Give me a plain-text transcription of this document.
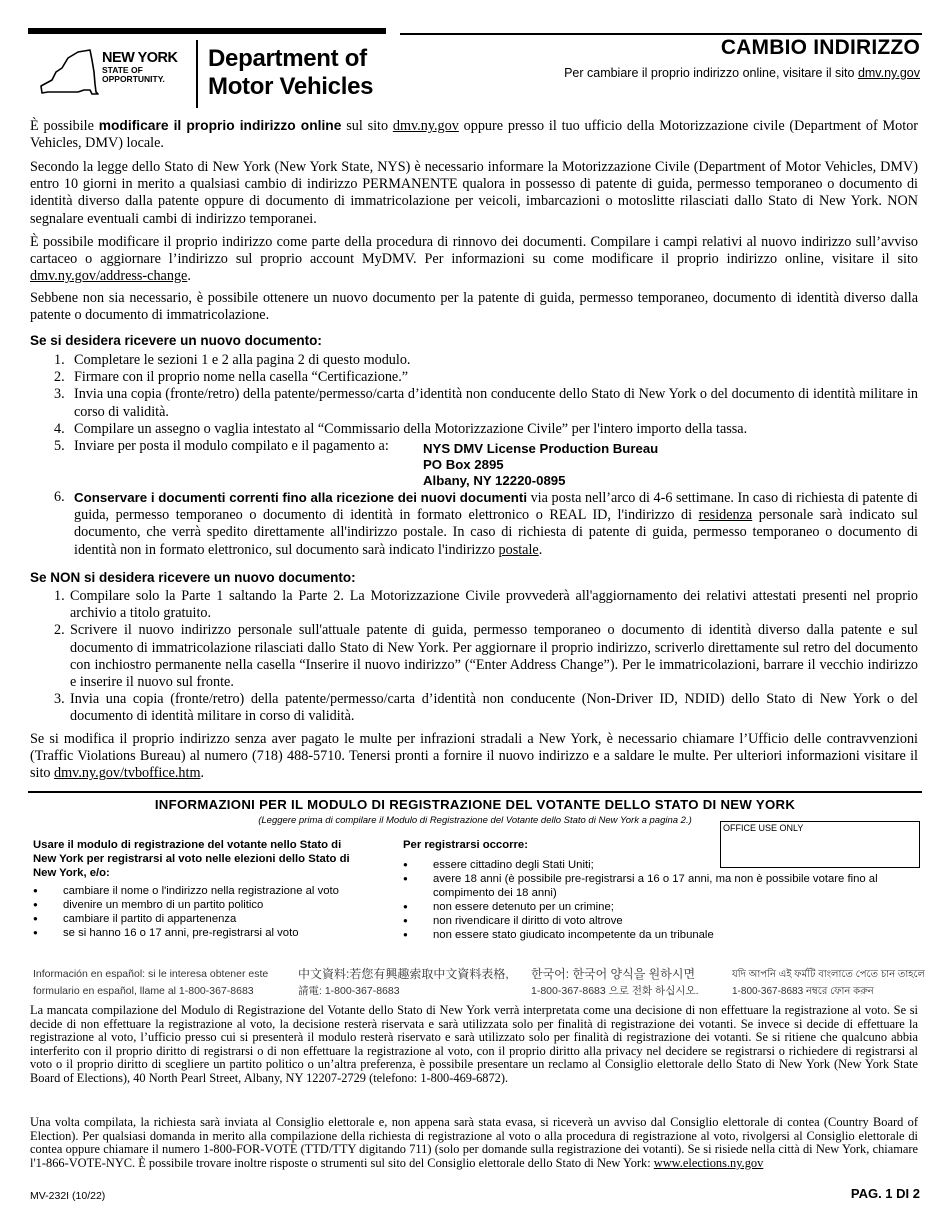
NEW YORK
STATE OF
OPPORTUNITY.
Department of
Motor Vehicles
CAMBIO INDIRIZZO
Per cambiare il proprio indirizzo online, visitare il sito dmv.ny.gov

È possibile modificare il proprio indirizzo online sul sito dmv.ny.gov oppure presso il tuo ufficio della Motorizzazione civile (Department of Motor Vehicles, DMV) locale.

Secondo la legge dello Stato di New York (New York State, NYS) è necessario informare la Motorizzazione Civile (Department of Motor Vehicles, DMV) entro 10 giorni in merito a qualsiasi cambio di indirizzo PERMANENTE qualora in possesso di patente di guida, permesso temporaneo o documento di identità diverso dalla patente oppure di documento di immatricolazione per veicoli, imbarcazioni o motoslitte rilasciati dallo Stato di New York. NON segnalare eventuali cambi di indirizzo temporanei.

È possibile modificare il proprio indirizzo come parte della procedura di rinnovo dei documenti. Compilare i campi relativi al nuovo indirizzo sull’avviso cartaceo o aggiornare l’indirizzo sul proprio account MyDMV. Per informazioni su come modificare il proprio indirizzo online, visitare il sito dmv.ny.gov/address-change.

Sebbene non sia necessario, è possibile ottenere un nuovo documento per la patente di guida, permesso temporaneo, documento di identità diverso dalla patente o documento di immatricolazione.

Se si desidera ricevere un nuovo documento:
1. Completare le sezioni 1 e 2 alla pagina 2 di questo modulo.
2. Firmare con il proprio nome nella casella “Certificazione.”
3. Invia una copia (fronte/retro) della patente/permesso/carta d’identità non conducente dello Stato di New York o del documento di identità militare in corso di validità.
4. Compilare un assegno o vaglia intestato al “Commissario della Motorizzazione Civile” per l'intero importo della tassa.
5. Inviare per posta il modulo compilato e il pagamento a:	NYS DMV License Production Bureau
PO Box 2895
Albany, NY 12220-0895
6. Conservare i documenti correnti fino alla ricezione dei nuovi documenti via posta nell’arco di 4-6 settimane. In caso di richiesta di patente di guida, permesso temporaneo o documento di identità in formato elettronico o REAL ID, l'indirizzo di residenza personale sarà indicato sul documento, che verrà spedito direttamente all'indirizzo postale. In caso di richiesta di patente di guida, permesso temporaneo o documento di identità non in formato elettronico, sul documento sarà indicato l'indirizzo postale.
Se NON si desidera ricevere un nuovo documento:
1. Compilare solo la Parte 1 saltando la Parte 2. La Motorizzazione Civile provvederà all'aggiornamento dei relativi attestati presenti nel proprio archivio a titolo gratuito.
2. Scrivere il nuovo indirizzo personale sull'attuale patente di guida, permesso temporaneo o documento di identità diverso dalla patente e sul documento di immatricolazione rilasciati dallo Stato di New York. Per aggiornare il proprio indirizzo, scriverlo direttamente sul retro del documento con inchiostro permanente nella casella “Inserire il nuovo indirizzo” (“Enter Address Change”). Per le immatricolazioni, barrare il vecchio indirizzo e inserire il nuovo sul fronte.
3. Invia una copia (fronte/retro) della patente/permesso/carta d’identità non conducente (Non-Driver ID, NDID) dello Stato di New York o del documento di identità militare in corso di validità.

Se si modifica il proprio indirizzo senza aver pagato le multe per infrazioni stradali a New York, è necessario chiamare l’Ufficio delle contravvenzioni (Traffic Violations Bureau) al numero (718) 488-5710. Tenersi pronti a fornire il nuovo indirizzo e a saldare le multe. Per ulteriori informazioni visitare il sito dmv.ny.gov/tvboffice.htm.

INFORMAZIONI PER IL MODULO DI REGISTRAZIONE DEL VOTANTE DELLO STATO DI NEW YORK
(Leggere prima di compilare il Modulo di Registrazione del Votante dello Stato di New York a pagina 2.)
OFFICE USE ONLY
Usare il modulo di registrazione del votante nello Stato di New York per registrarsi al voto nelle elezioni dello Stato di New York, e/o:
● cambiare il nome o l'indirizzo nella registrazione al voto
● divenire un membro di un partito politico
● cambiare il partito di appartenenza
● se si hanno 16 o 17 anni, pre-registrarsi al voto
Per registrarsi occorre:
● essere cittadino degli Stati Uniti;
● avere 18 anni (è possibile pre-registrarsi a 16 o 17 anni, ma non è possibile votare fino al compimento dei 18 anni)
● non essere detenuto per un crimine;
● non rivendicare il diritto di voto altrove
● non essere stato giudicato incompetente da un tribunale
Información en español: si le interesa obtener este
formulario en español, llame al 1-800-367-8683
中文資料:若您有興趣索取中文資料表格,
請電: 1-800-367-8683
한국어: 한국어 양식을 원하시면
1-800-367-8683 으로 전화 하십시오.
যদি আপনি এই ফর্মটি বাংলাতে পেতে চান তাহলে
1-800-367-8683 নম্বরে ফোন করুন

La mancata compilazione del Modulo di Registrazione del Votante dello Stato di New York verrà interpretata come una decisione di non effettuare la registrazione al voto. Se si decide di non effettuare la registrazione al voto, la decisione resterà riservata e sarà utilizzata solo per finalità di registrazione dei votanti. Se invece si decide di effettuare la registrazione al voto, l’ufficio presso cui si presenterà il modulo resterà riservato e sarà utilizzato solo per finalità di registrazione dei votanti. Se si ritiene che qualcuno abbia interferito con il proprio diritto di registrarsi o di non effettuare la registrazione al voto, con il proprio diritto alla privacy nel decidere se registrarsi o richiedere di registrarsi al voto o il proprio diritto di scegliere un partito politico o un’altra preferenza, è possibile presentare un reclamo al Consiglio elettorale dello Stato di New York (New York State Board of Elections), 40 North Pearl Street, Albany, NY 12207-2729 (telefono: 1-800-469-6872).

Una volta compilata, la richiesta sarà inviata al Consiglio elettorale e, non appena sarà stata evasa, si riceverà un avviso dal Consiglio elettorale di contea (Country Board of Election). Per qualsiasi domanda in merito alla compilazione della richiesta di registrazione al voto o alla procedura di registrazione al voto, rivolgersi al Consiglio elettorale di contea oppure chiamare il numero 1-800-FOR-VOTE (TTD/TTY digitando 711) (solo per domande sulla registrazione dei votanti). Se si risiede nella città di New York, chiamare l'1-866-VOTE-NYC. È possibile trovare inoltre risposte o strumenti sul sito del Consiglio elettorale dello Stato di New York: www.elections.ny.gov

MV-232I (10/22)	PAG. 1 DI 2
